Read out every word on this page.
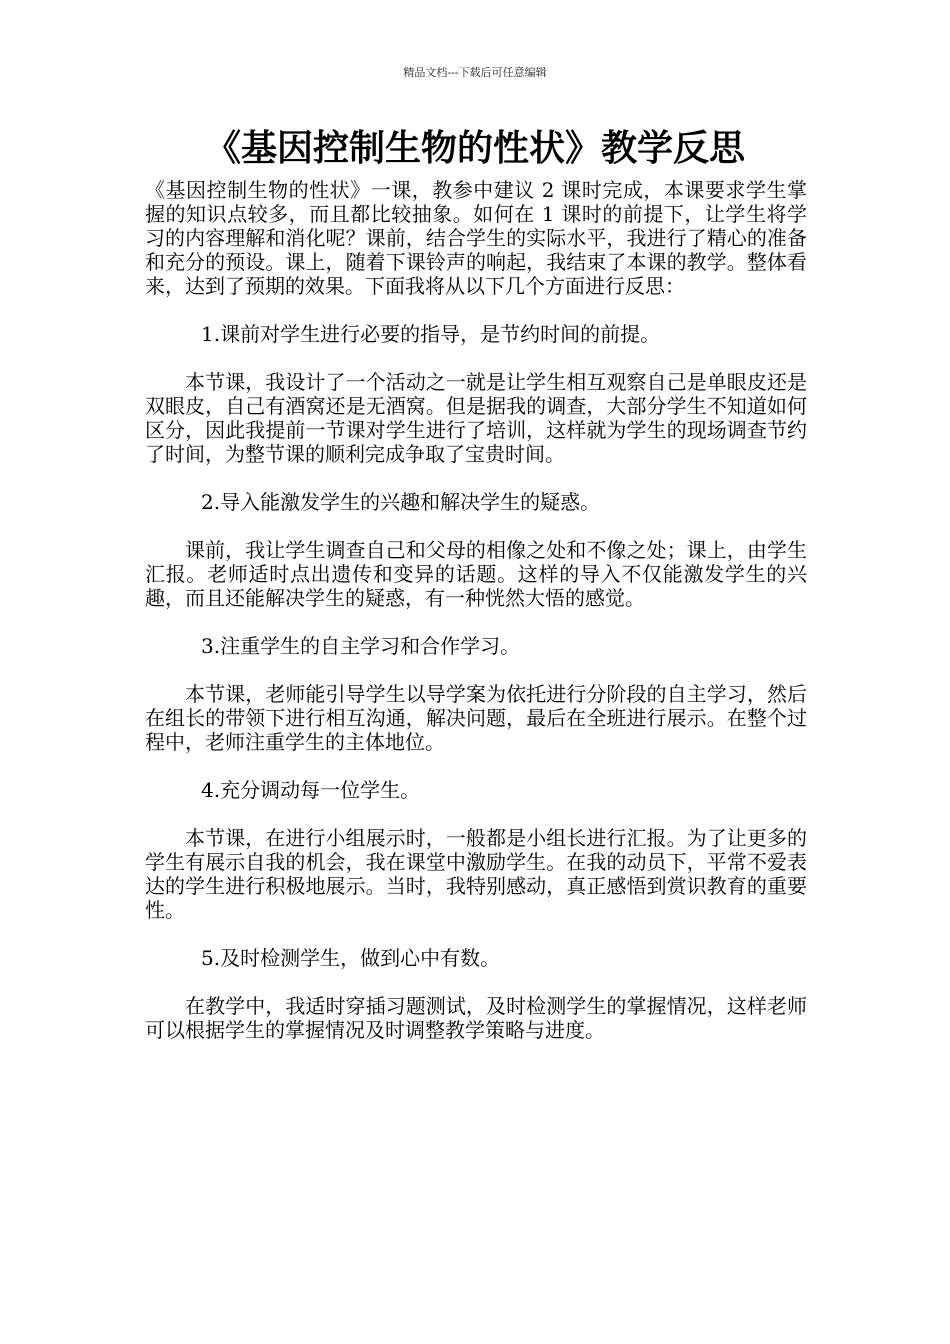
精品文档---下载后可任意编辑
《基因控制生物的性状》教学反思

《基因控制生物的性状》一课，教参中建议 2 课时完成，本课要求学生掌握的知识点较多，而且都比较抽象。如何在 1 课时的前提下，让学生将学习的内容理解和消化呢？课前，结合学生的实际水平，我进行了精心的准备和充分的预设。课上，随着下课铃声的响起，我结束了本课的教学。整体看来，达到了预期的效果。下面我将从以下几个方面进行反思：

1.课前对学生进行必要的指导，是节约时间的前提。

本节课，我设计了一个活动之一就是让学生相互观察自己是单眼皮还是双眼皮，自己有酒窝还是无酒窝。但是据我的调查，大部分学生不知道如何区分，因此我提前一节课对学生进行了培训，这样就为学生的现场调查节约了时间，为整节课的顺利完成争取了宝贵时间。

2.导入能激发学生的兴趣和解决学生的疑惑。

课前，我让学生调查自己和父母的相像之处和不像之处；课上，由学生汇报。老师适时点出遗传和变异的话题。这样的导入不仅能激发学生的兴趣，而且还能解决学生的疑惑，有一种恍然大悟的感觉。

3.注重学生的自主学习和合作学习。

本节课，老师能引导学生以导学案为依托进行分阶段的自主学习，然后在组长的带领下进行相互沟通，解决问题，最后在全班进行展示。在整个过程中，老师注重学生的主体地位。

4.充分调动每一位学生。

本节课，在进行小组展示时，一般都是小组长进行汇报。为了让更多的学生有展示自我的机会，我在课堂中激励学生。在我的动员下，平常不爱表达的学生进行积极地展示。当时，我特别感动，真正感悟到赏识教育的重要性。

5.及时检测学生，做到心中有数。

在教学中，我适时穿插习题测试，及时检测学生的掌握情况，这样老师可以根据学生的掌握情况及时调整教学策略与进度。
